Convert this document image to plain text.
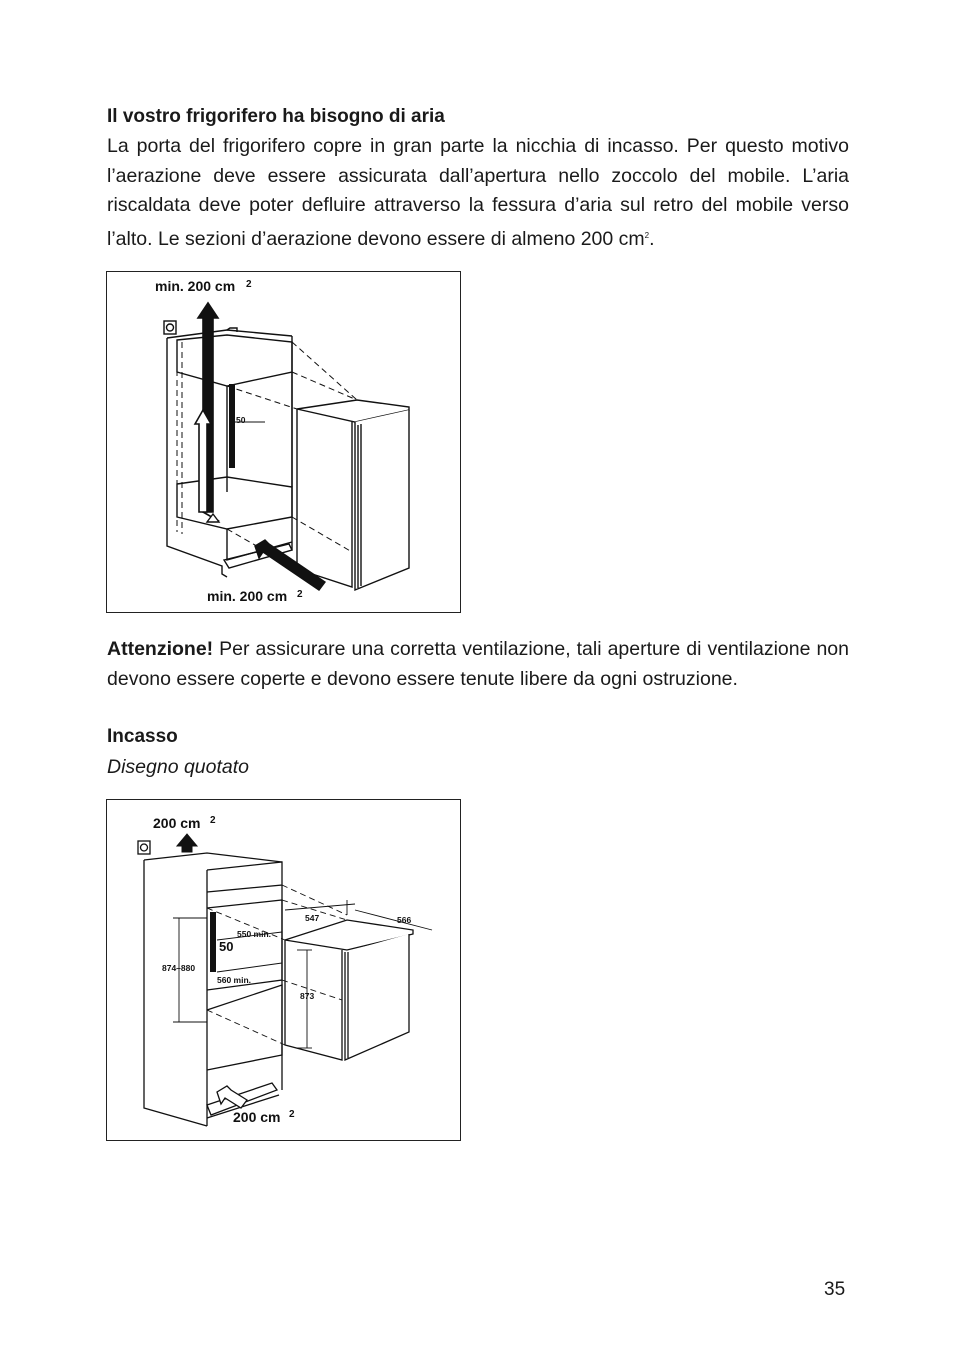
Il vostro frigorifero ha bisogno di aria
La porta del frigorifero copre in gran parte la nicchia di incasso. Per questo motivo l’aerazione deve essere assicurata dall’apertura nello zoccolo del mobile. L’aria riscaldata deve poter defluire attraverso la fessura d’aria sul retro del mobile verso l’alto. Le sezioni d’aerazione devono essere di almeno 200 $cm^2$.
50
min. 200 cm 2
min. 200 cm 2
Attenzione! Per assicurare una corretta ventilazione, tali aperture di ventilazione non devono essere coperte e devono essere tenute libere da ogni ostruzione.
Incasso
Disegno quotato
550 min.
50
560 min.
874–880
547	566
873
200 cm 2
200 cm 2
35
